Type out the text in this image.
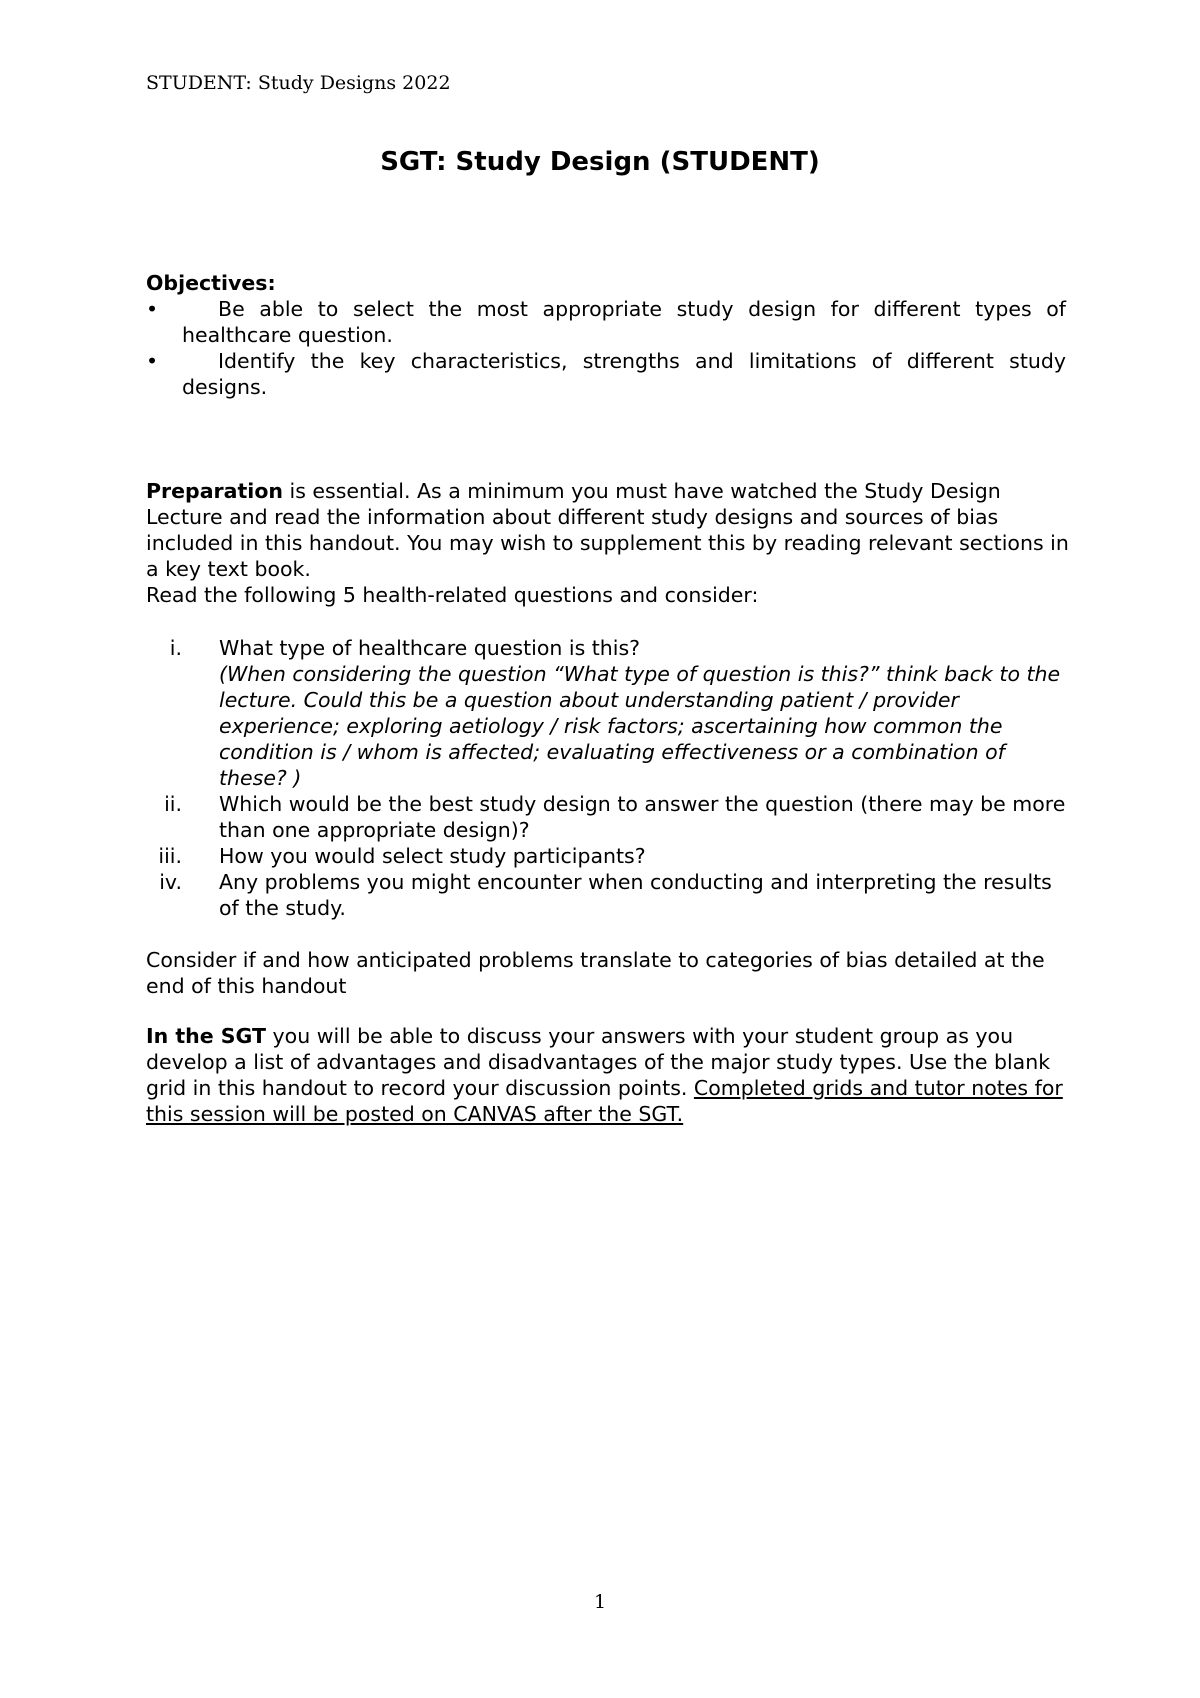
STUDENT: Study Designs 2022
SGT: Study Design (STUDENT)
Objectives:
•	Be able to select the most appropriate study design for different types of
healthcare question.
•	Identify the key characteristics, strengths and limitations of different study
designs.
Preparation is essential. As a minimum you must have watched the Study Design Lecture and read the information about different study designs and sources of bias included in this handout. You may wish to supplement this by reading relevant sections in a key text book.
Read the following 5 health-related questions and consider:
i. What type of healthcare question is this?
(When considering the question “What type of question is this?” think back to the lecture. Could this be a question about understanding patient / provider experience; exploring aetiology / risk factors; ascertaining how common the condition is / whom is affected; evaluating effectiveness or a combination of these? )
ii. Which would be the best study design to answer the question (there may be more than one appropriate design)?
iii. How you would select study participants?
iv. Any problems you might encounter when conducting and interpreting the results of the study.
Consider if and how anticipated problems translate to categories of bias detailed at the end of this handout
In the SGT you will be able to discuss your answers with your student group as you develop a list of advantages and disadvantages of the major study types. Use the blank grid in this handout to record your discussion points. Completed grids and tutor notes for this session will be posted on CANVAS after the SGT.
1
